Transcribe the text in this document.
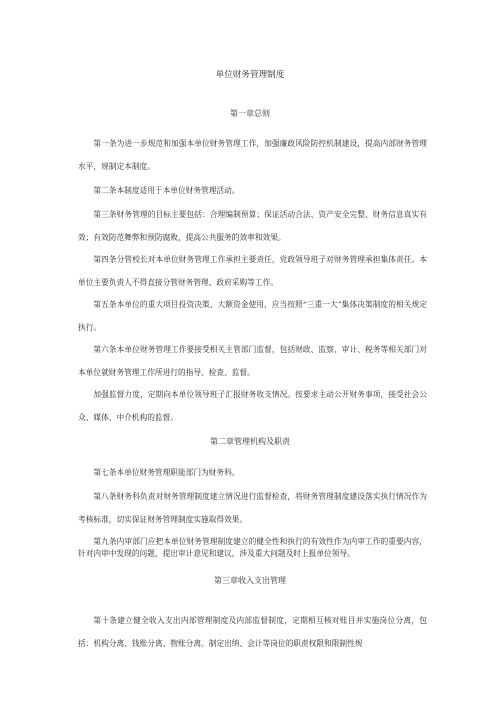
单位财务管理制度
第一章总则

第一条为进一步规范和加强本单位财务管理工作，加强廉政风险防控机制建设，提高内部财务管理水平，规制定本制度。

第二条本制度适用于本单位财务管理活动。

第三条财务管理的目标主要包括：合理编制预算；保证活动合法、资产安全完整、财务信息真实有效；有效防范舞弊和预防腐败，提高公共服务的效率和效果。

第四条分管校长对本单位财务管理工作承担主要责任，党政领导班子对财务管理承担集体责任。本单位主要负责人不得直接分管财务管理、政府采购等工作。

第五条本单位的重大项目投资决策、大额资金使用，应当按照“三重一大”集体决策制度的相关规定执行。

第六条本单位财务管理工作要接受相关主管部门监督，包括财政、监察、审计、税务等相关部门对本单位就财务管理工作所进行的指导、检查、监督。

加强监督力度，定期向本单位领导班子汇报财务收支情况。按要求主动公开财务事项，接受社会公众、媒体、中介机构的监督。

第二章管理机构及职责

第七条本单位财务管理职能部门为财务科。

第八条财务科负责对财务管理制度建立情况进行监督检查，将财务管理制度建设落实执行情况作为考核标准，切实保证财务管理制度实施取得效果。

第九条内审部门应把本单位财务管理制度建立的健全性和执行的有效性作为内审工作的重要内容，针对内审中发现的问题，提出审计意见和建议，涉及重大问题及时上报单位领导。

第三章收入支出管理

第十条建立健全收入支出内部管理制度及内部监督制度，定期相互核对账目并实施岗位分离，包括：机构分离、钱账分离、物账分离。制定出纳、会计等岗位的职责权限和限制性规
